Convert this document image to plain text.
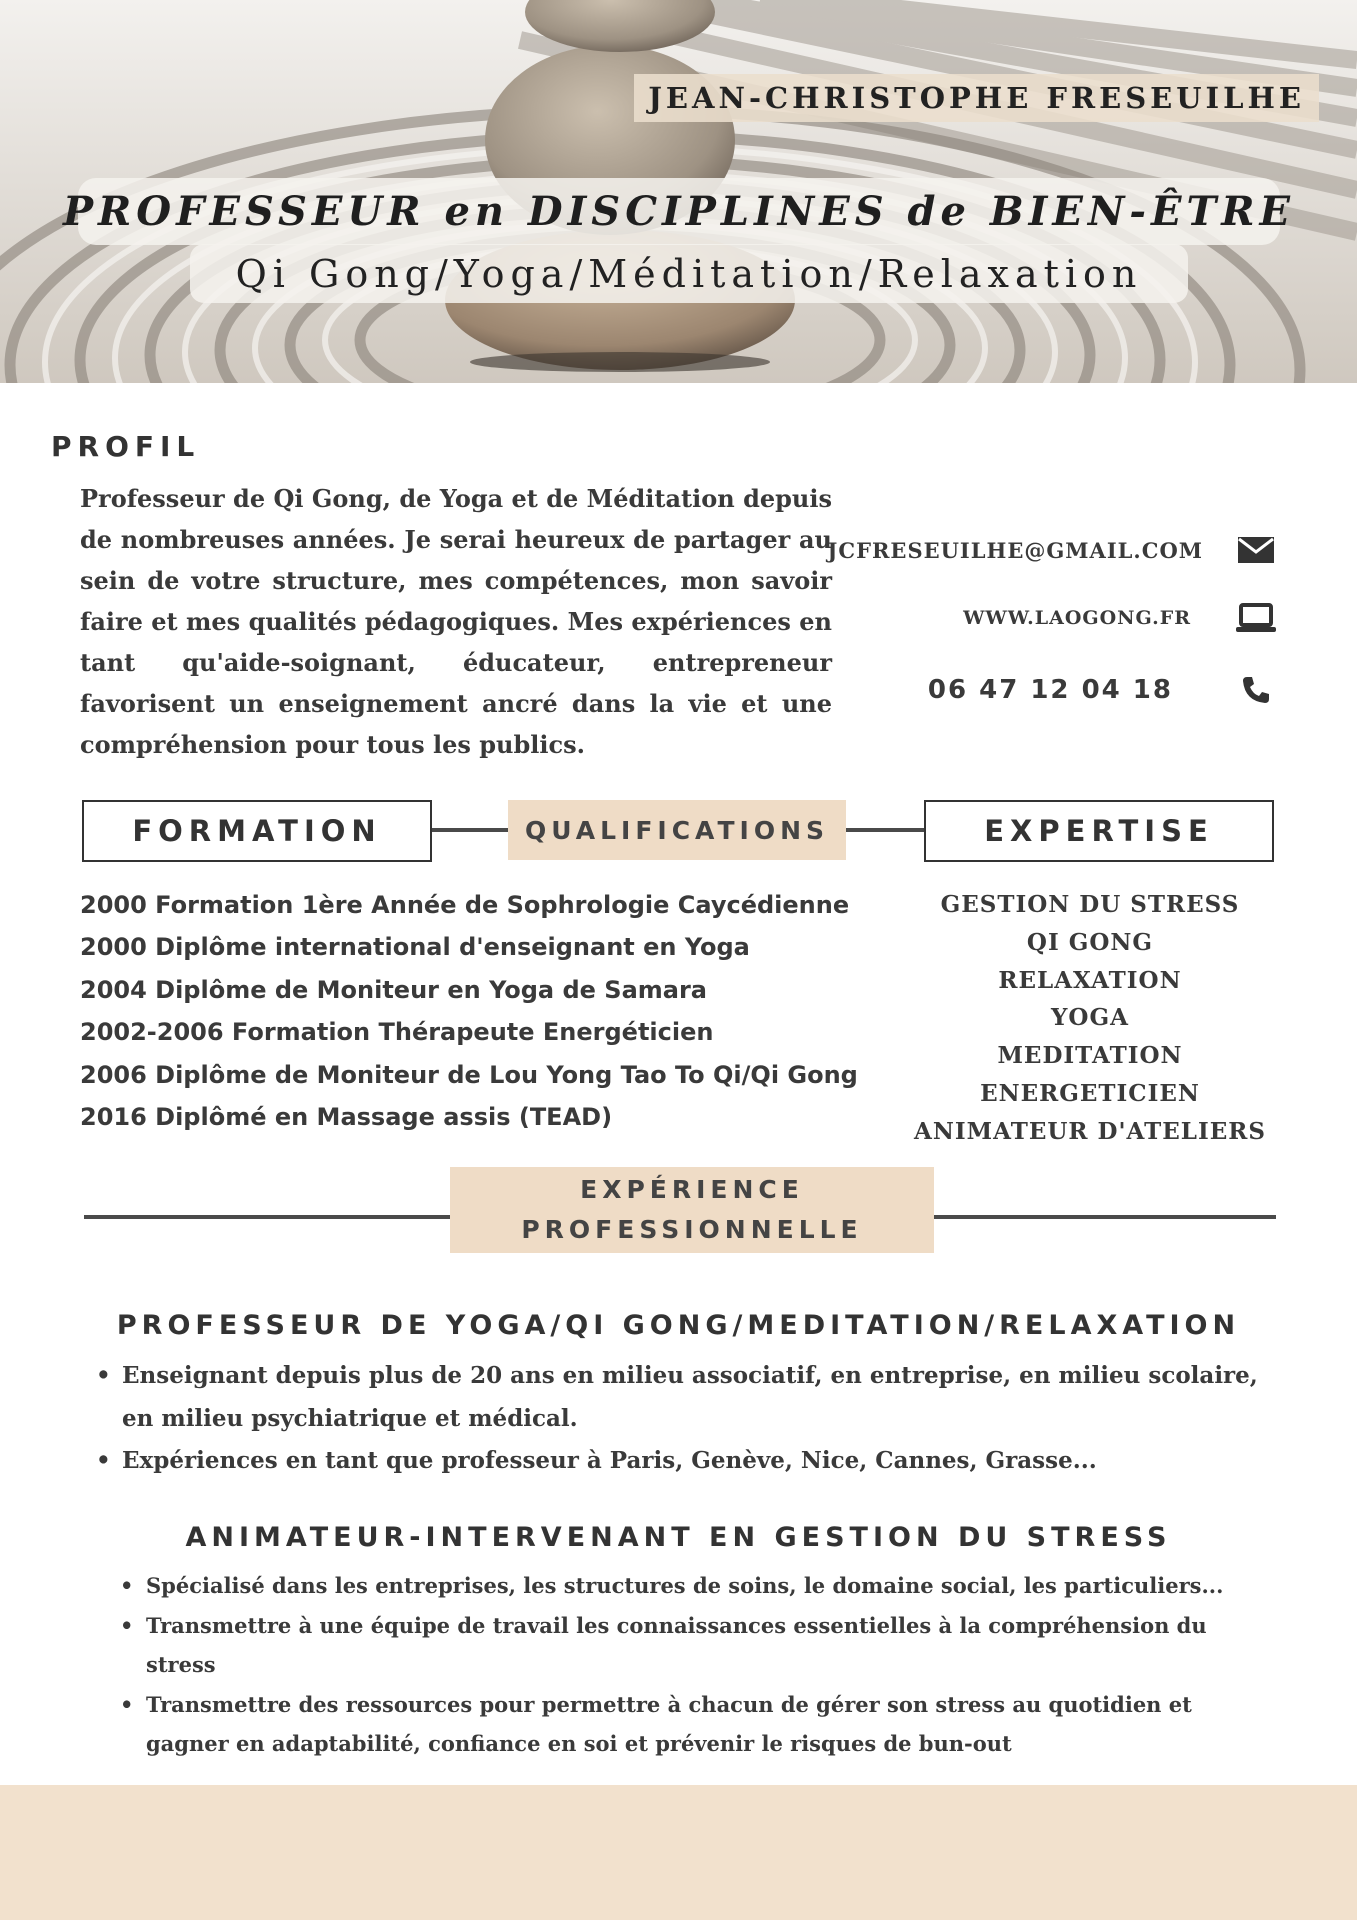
JEAN-CHRISTOPHE FRESEUILHE
PROFESSEUR en DISCIPLINES de BIEN-ÊTRE
Qi Gong/Yoga/Méditation/Relaxation
PROFIL
Professeur de Qi Gong, de Yoga et de Méditation depuis de nombreuses années. Je serai heureux de partager au sein de votre structure, mes compétences, mon savoir faire et mes qualités pédagogiques. Mes expériences en tant qu'aide-soignant, éducateur, entrepreneur favorisent un enseignement ancré dans la vie et une compréhension pour tous les publics.
JCFRESEUILHE@GMAIL.COM
WWW.LAOGONG.FR
06 47 12 04 18
FORMATION	QUALIFICATIONS	EXPERTISE
2000 Formation 1ère Année de Sophrologie Caycédienne
2000 Diplôme international d'enseignant en Yoga
2004 Diplôme de Moniteur en Yoga de Samara
2002-2006 Formation Thérapeute Energéticien
2006 Diplôme de Moniteur de Lou Yong Tao To Qi/Qi Gong
2016 Diplômé en Massage assis (TEAD)
GESTION DU STRESS
QI GONG
RELAXATION
YOGA
MEDITATION
ENERGETICIEN
ANIMATEUR D'ATELIERS
EXPÉRIENCE
PROFESSIONNELLE
PROFESSEUR DE YOGA/QI GONG/MEDITATION/RELAXATION
• Enseignant depuis plus de 20 ans en milieu associatif, en entreprise, en milieu scolaire, en milieu psychiatrique et médical.
• Expériences en tant que professeur à Paris, Genève, Nice, Cannes, Grasse...
ANIMATEUR-INTERVENANT EN GESTION DU STRESS
• Spécialisé dans les entreprises, les structures de soins, le domaine social, les particuliers...
• Transmettre à une équipe de travail les connaissances essentielles à la compréhension du stress
• Transmettre des ressources pour permettre à chacun de gérer son stress au quotidien et gagner en adaptabilité, confiance en soi et prévenir le risques de bun-out
